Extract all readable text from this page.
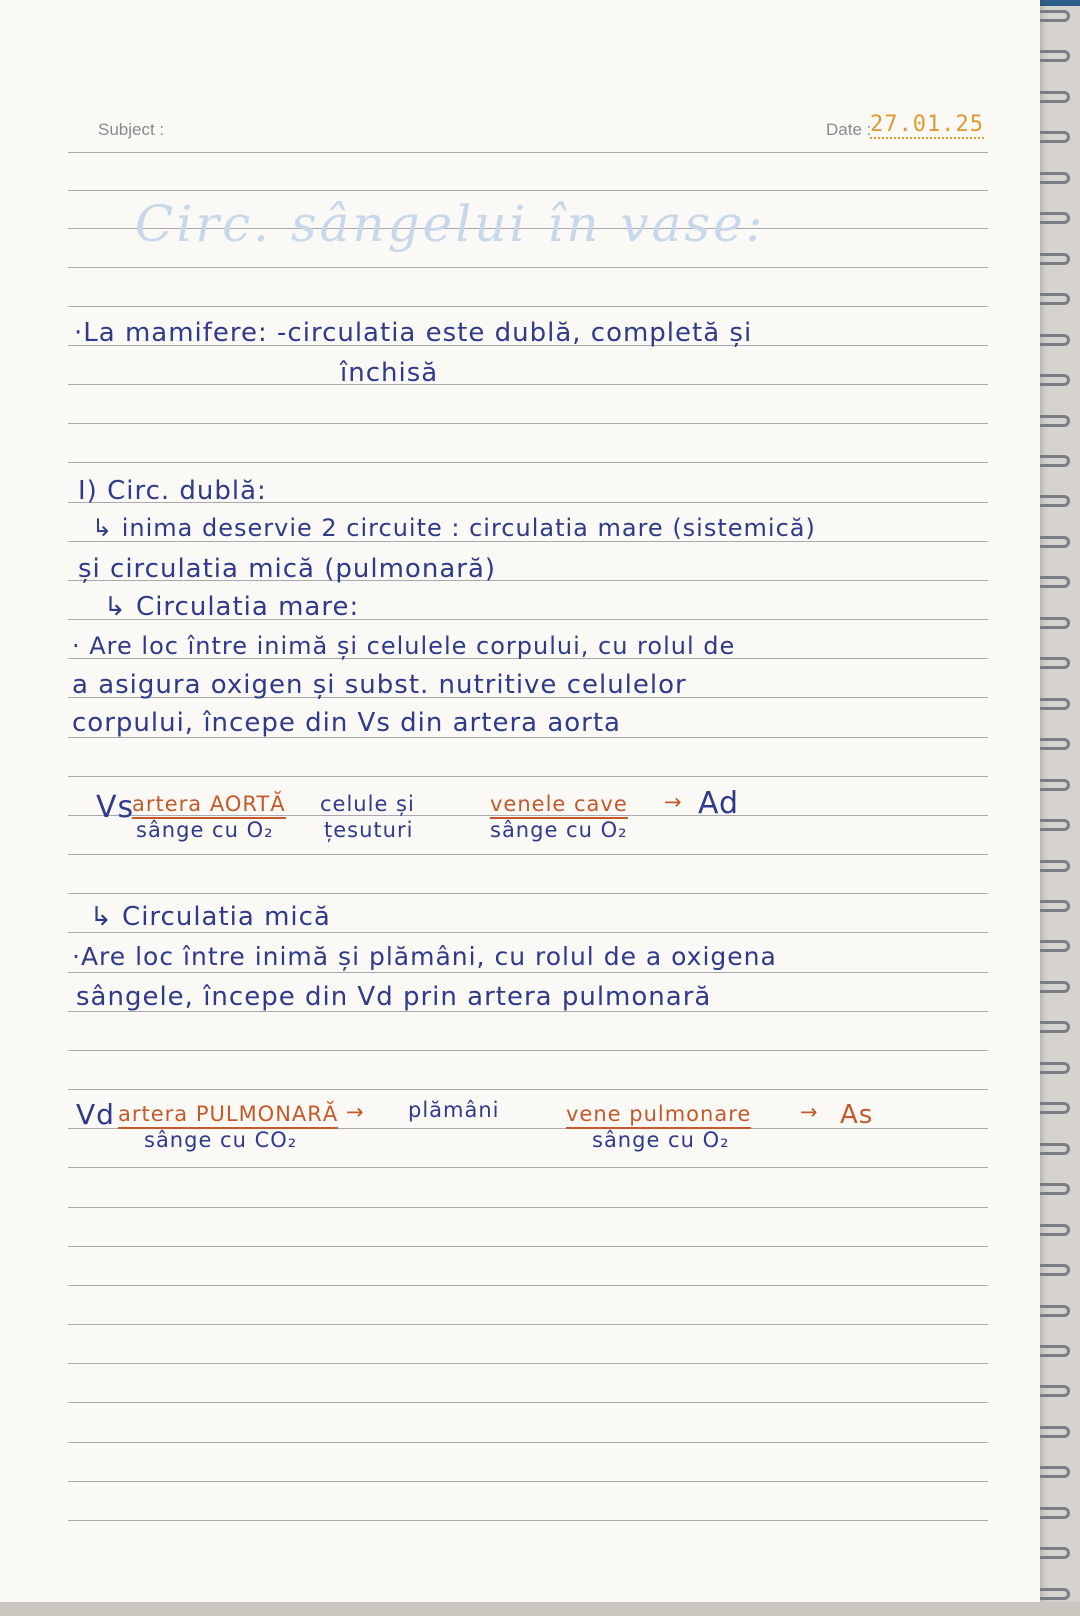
Subject :	Date :
27.01.25
Circ. sângelui în vase:
·La mamifere: -circulatia este dublă, completă și
închisă
I) Circ. dublă:
↳ inima deservie 2 circuite : circulatia mare (sistemică)
și circulatia mică (pulmonară)
↳ Circulatia mare:
· Are loc între inimă și celulele corpului, cu rolul de
a asigura oxigen și subst. nutritive celulelor
corpului, începe din Vs din artera aorta
Vs
artera AORTĂ
sânge cu O₂
celule și
țesuturi
venele cave →
sânge cu O₂
Ad
↳ Circulatia mică
·Are loc între inimă și plămâni, cu rolul de a oxigena
sângele, începe din Vd prin artera pulmonară
Vd artera PULMONARĂ →
sânge cu CO₂
plămâni	vene pulmonare →
sânge cu O₂
As
